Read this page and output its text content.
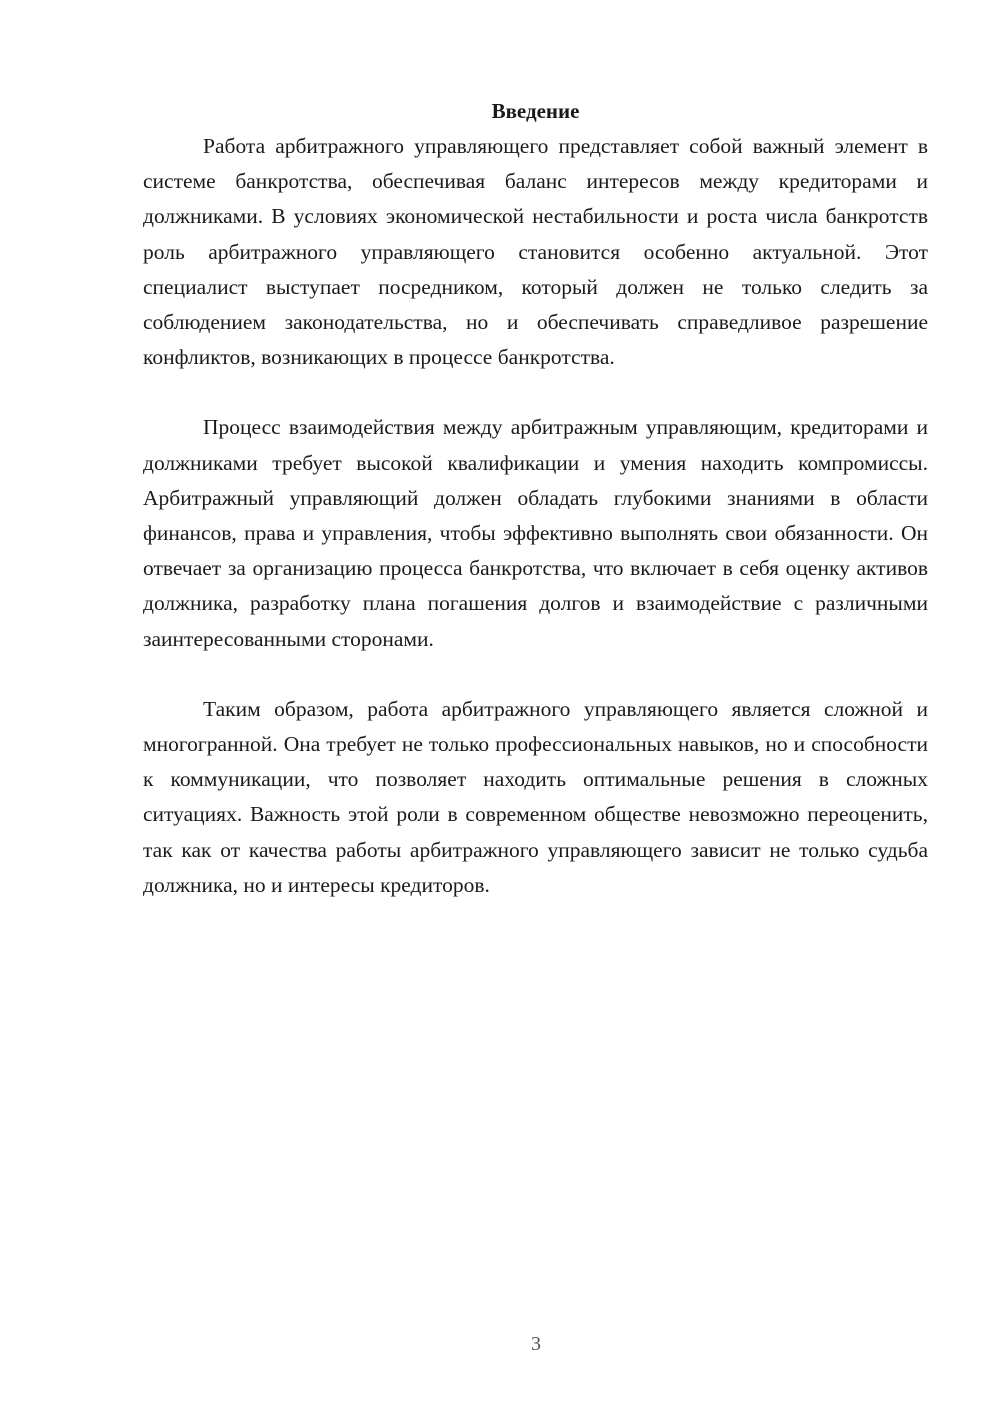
Введение

Работа арбитражного управляющего представляет собой важный элемент в системе банкротства, обеспечивая баланс интересов между кредиторами и должниками. В условиях экономической нестабильности и роста числа банкротств роль арбитражного управляющего становится особенно актуальной. Этот специалист выступает посредником, который должен не только следить за соблюдением законодательства, но и обеспечивать справедливое разрешение конфликтов, возникающих в процессе банкротства.

Процесс взаимодействия между арбитражным управляющим, кредиторами и должниками требует высокой квалификации и умения находить компромиссы. Арбитражный управляющий должен обладать глубокими знаниями в области финансов, права и управления, чтобы эффективно выполнять свои обязанности. Он отвечает за организацию процесса банкротства, что включает в себя оценку активов должника, разработку плана погашения долгов и взаимодействие с различными заинтересованными сторонами.

Таким образом, работа арбитражного управляющего является сложной и многогранной. Она требует не только профессиональных навыков, но и способности к коммуникации, что позволяет находить оптимальные решения в сложных ситуациях. Важность этой роли в современном обществе невозможно переоценить, так как от качества работы арбитражного управляющего зависит не только судьба должника, но и интересы кредиторов.

3
